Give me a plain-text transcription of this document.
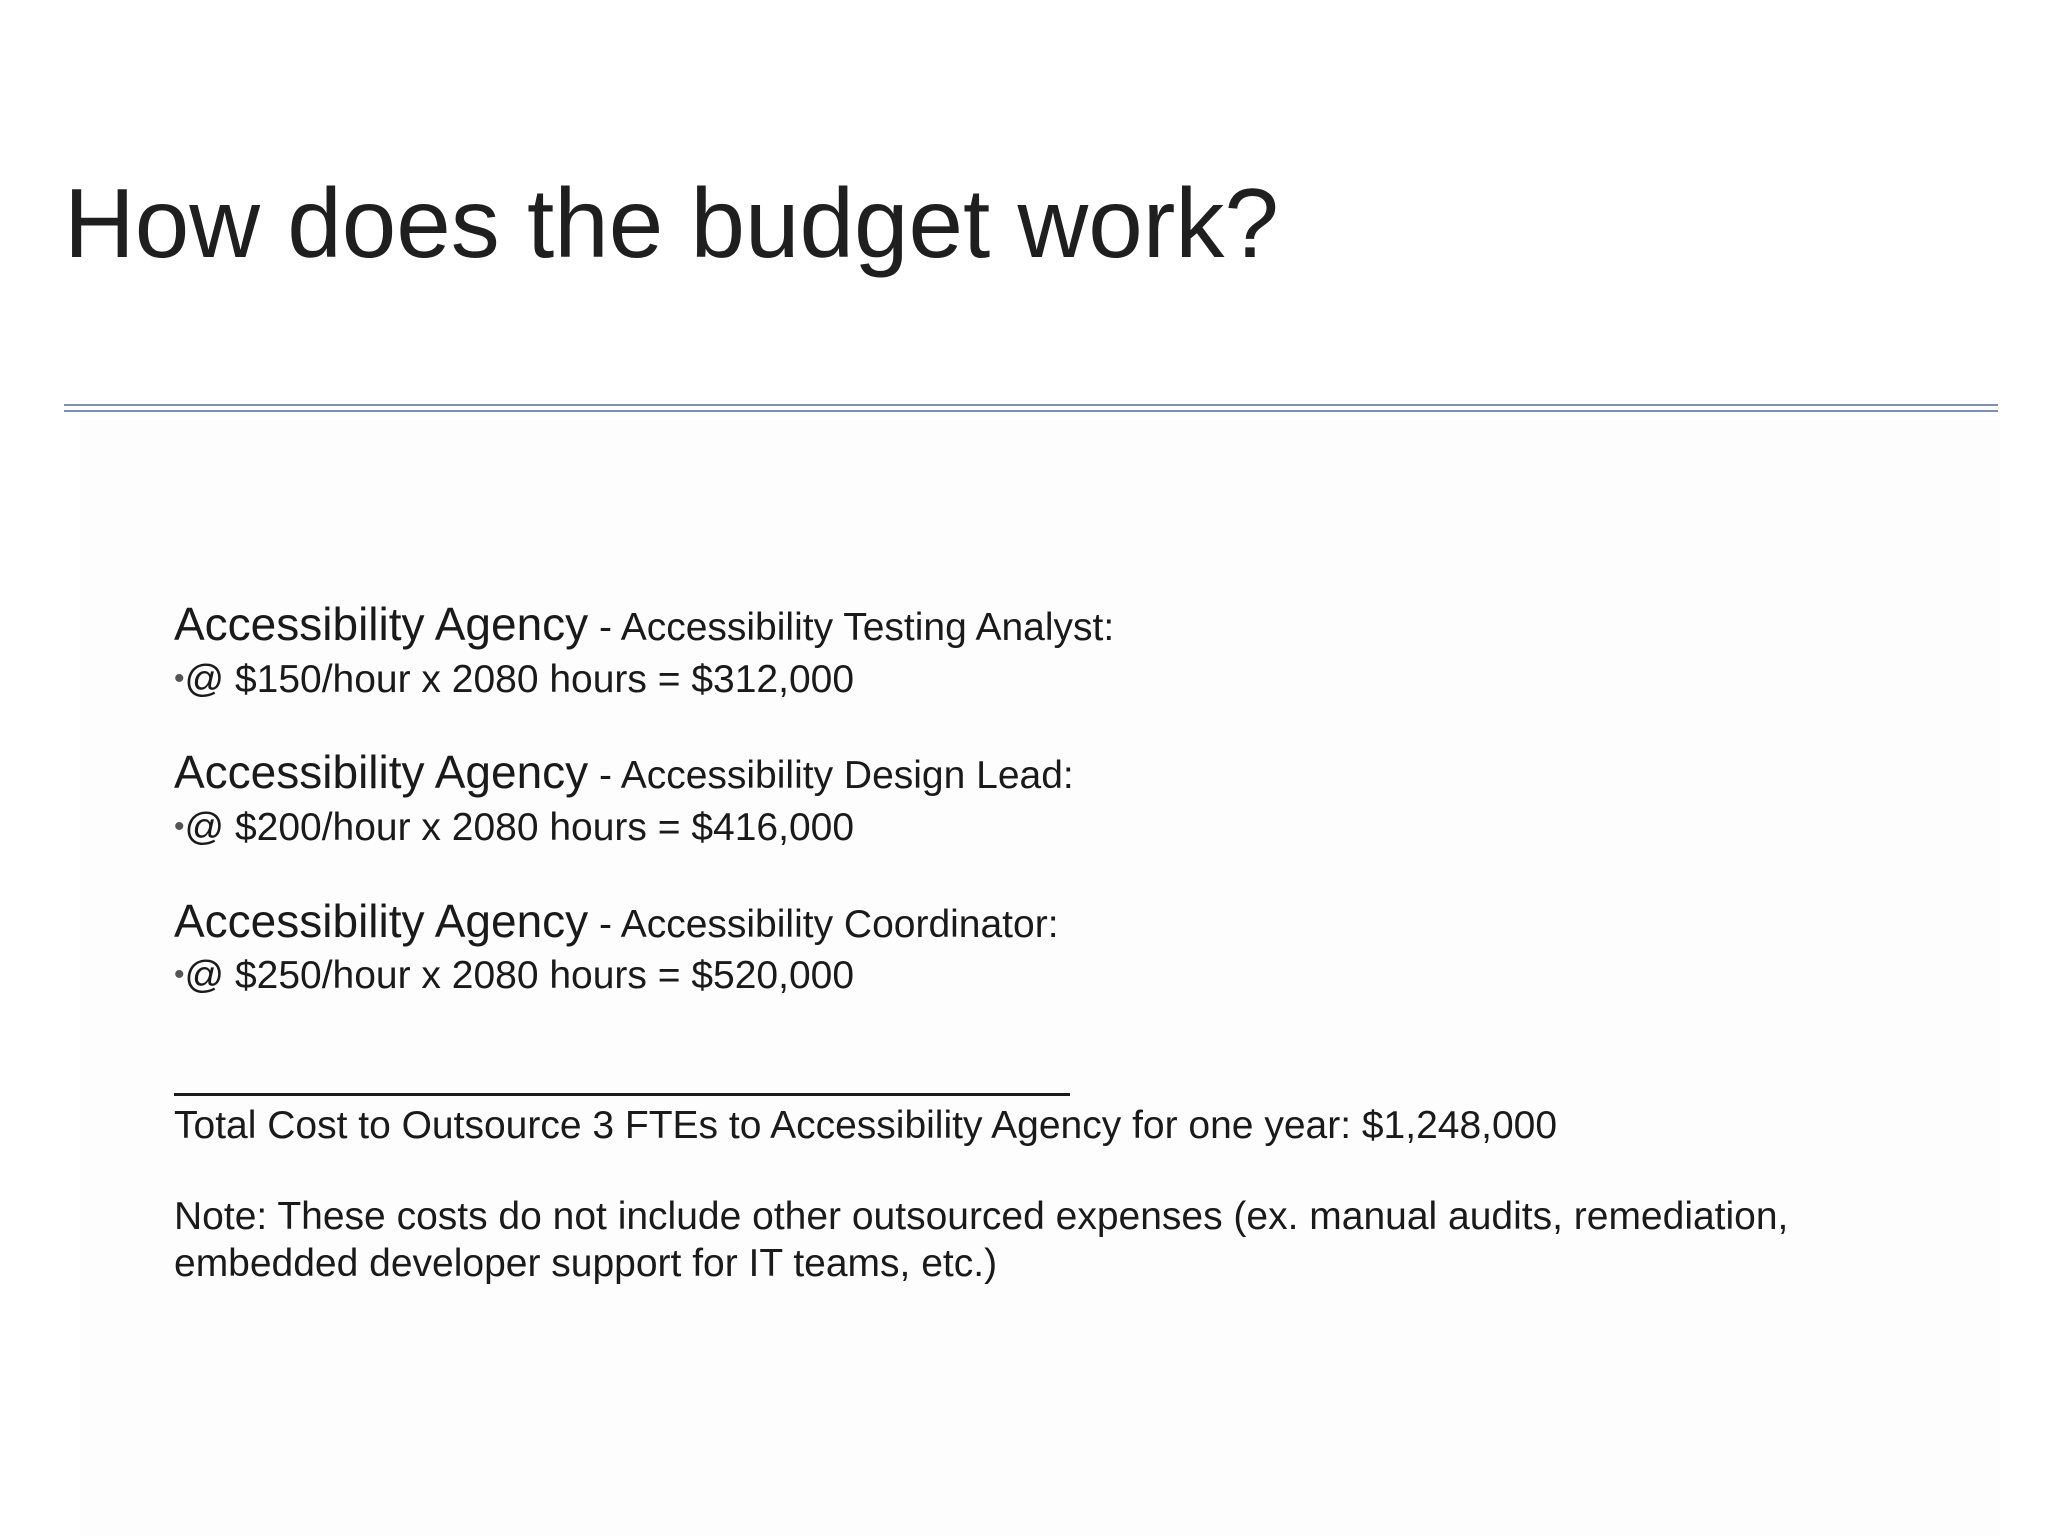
How does the budget work?

Accessibility Agency - Accessibility Testing Analyst:

•@ $150/hour x 2080 hours = $312,000

Accessibility Agency - Accessibility Design Lead:

•@ $200/hour x 2080 hours = $416,000

Accessibility Agency - Accessibility Coordinator:

•@ $250/hour x 2080 hours = $520,000

Total Cost to Outsource 3 FTEs to Accessibility Agency for one year: $1,248,000

Note: These costs do not include other outsourced expenses (ex. manual audits, remediation, embedded developer support for IT teams, etc.)
